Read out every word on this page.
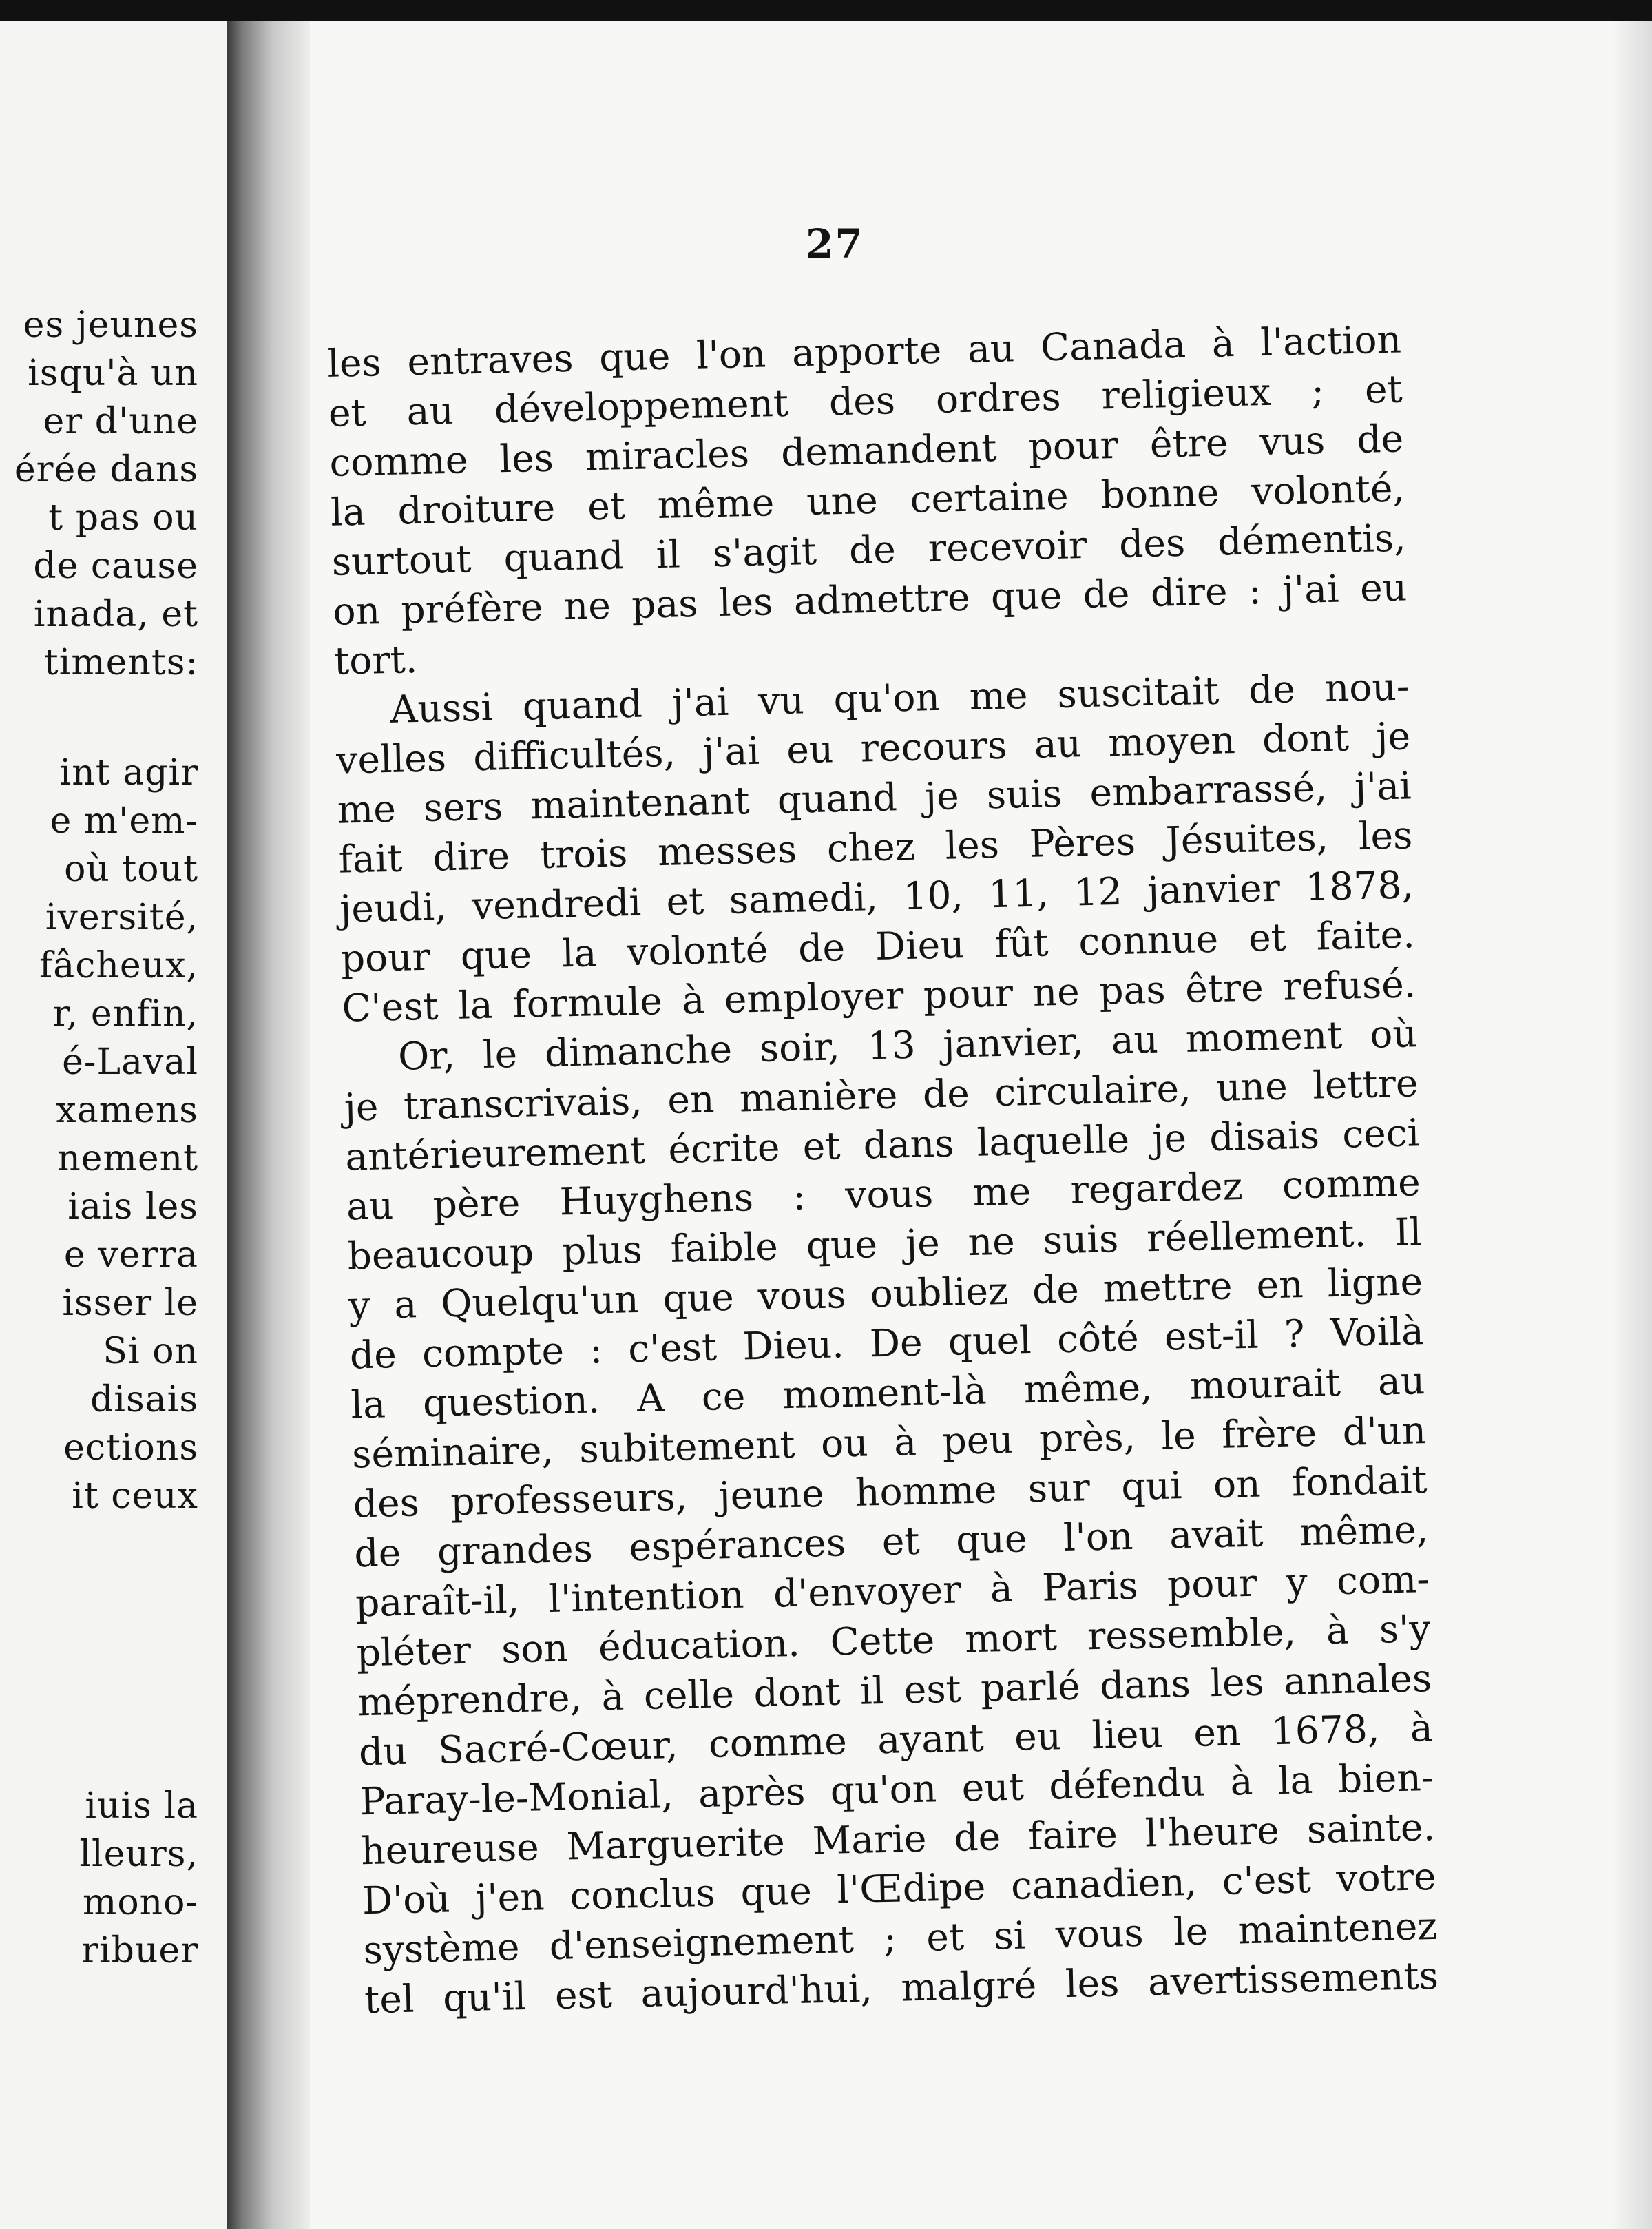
es jeunes
isqu'à un
er d'une
érée dans
t pas ou
de cause
inada, et
timents:
int agir
e m'em-
où tout
iversité,
fâcheux,
r, enfin,
é-Laval
xamens
nement
iais les
e verra
isser le
Si on
disais
ections
it ceux
iuis la
lleurs,
mono-
ribuer
27
les entraves que l'on apporte au Canada à l'action
et au développement des ordres religieux ; et
comme les miracles demandent pour être vus de
la droiture et même une certaine bonne volonté,
surtout quand il s'agit de recevoir des démentis,
on préfère ne pas les admettre que de dire : j'ai eu
tort.
Aussi quand j'ai vu qu'on me suscitait de nou-
velles difficultés, j'ai eu recours au moyen dont je
me sers maintenant quand je suis embarrassé, j'ai
fait dire trois messes chez les Pères Jésuites, les
jeudi, vendredi et samedi, 10, 11, 12 janvier 1878,
pour que la volonté de Dieu fût connue et faite.
C'est la formule à employer pour ne pas être refusé.
Or, le dimanche soir, 13 janvier, au moment où
je transcrivais, en manière de circulaire, une lettre
antérieurement écrite et dans laquelle je disais ceci
au père Huyghens : vous me regardez comme
beaucoup plus faible que je ne suis réellement. Il
y a Quelqu'un que vous oubliez de mettre en ligne
de compte : c'est Dieu. De quel côté est-il ? Voilà
la question. A ce moment-là même, mourait au
séminaire, subitement ou à peu près, le frère d'un
des professeurs, jeune homme sur qui on fondait
de grandes espérances et que l'on avait même,
paraît-il, l'intention d'envoyer à Paris pour y com-
pléter son éducation. Cette mort ressemble, à s'y
méprendre, à celle dont il est parlé dans les annales
du Sacré-Cœur, comme ayant eu lieu en 1678, à
Paray-le-Monial, après qu'on eut défendu à la bien-
heureuse Marguerite Marie de faire l'heure sainte.
D'où j'en conclus que l'Œdipe canadien, c'est votre
système d'enseignement ; et si vous le maintenez
tel qu'il est aujourd'hui, malgré les avertissements
